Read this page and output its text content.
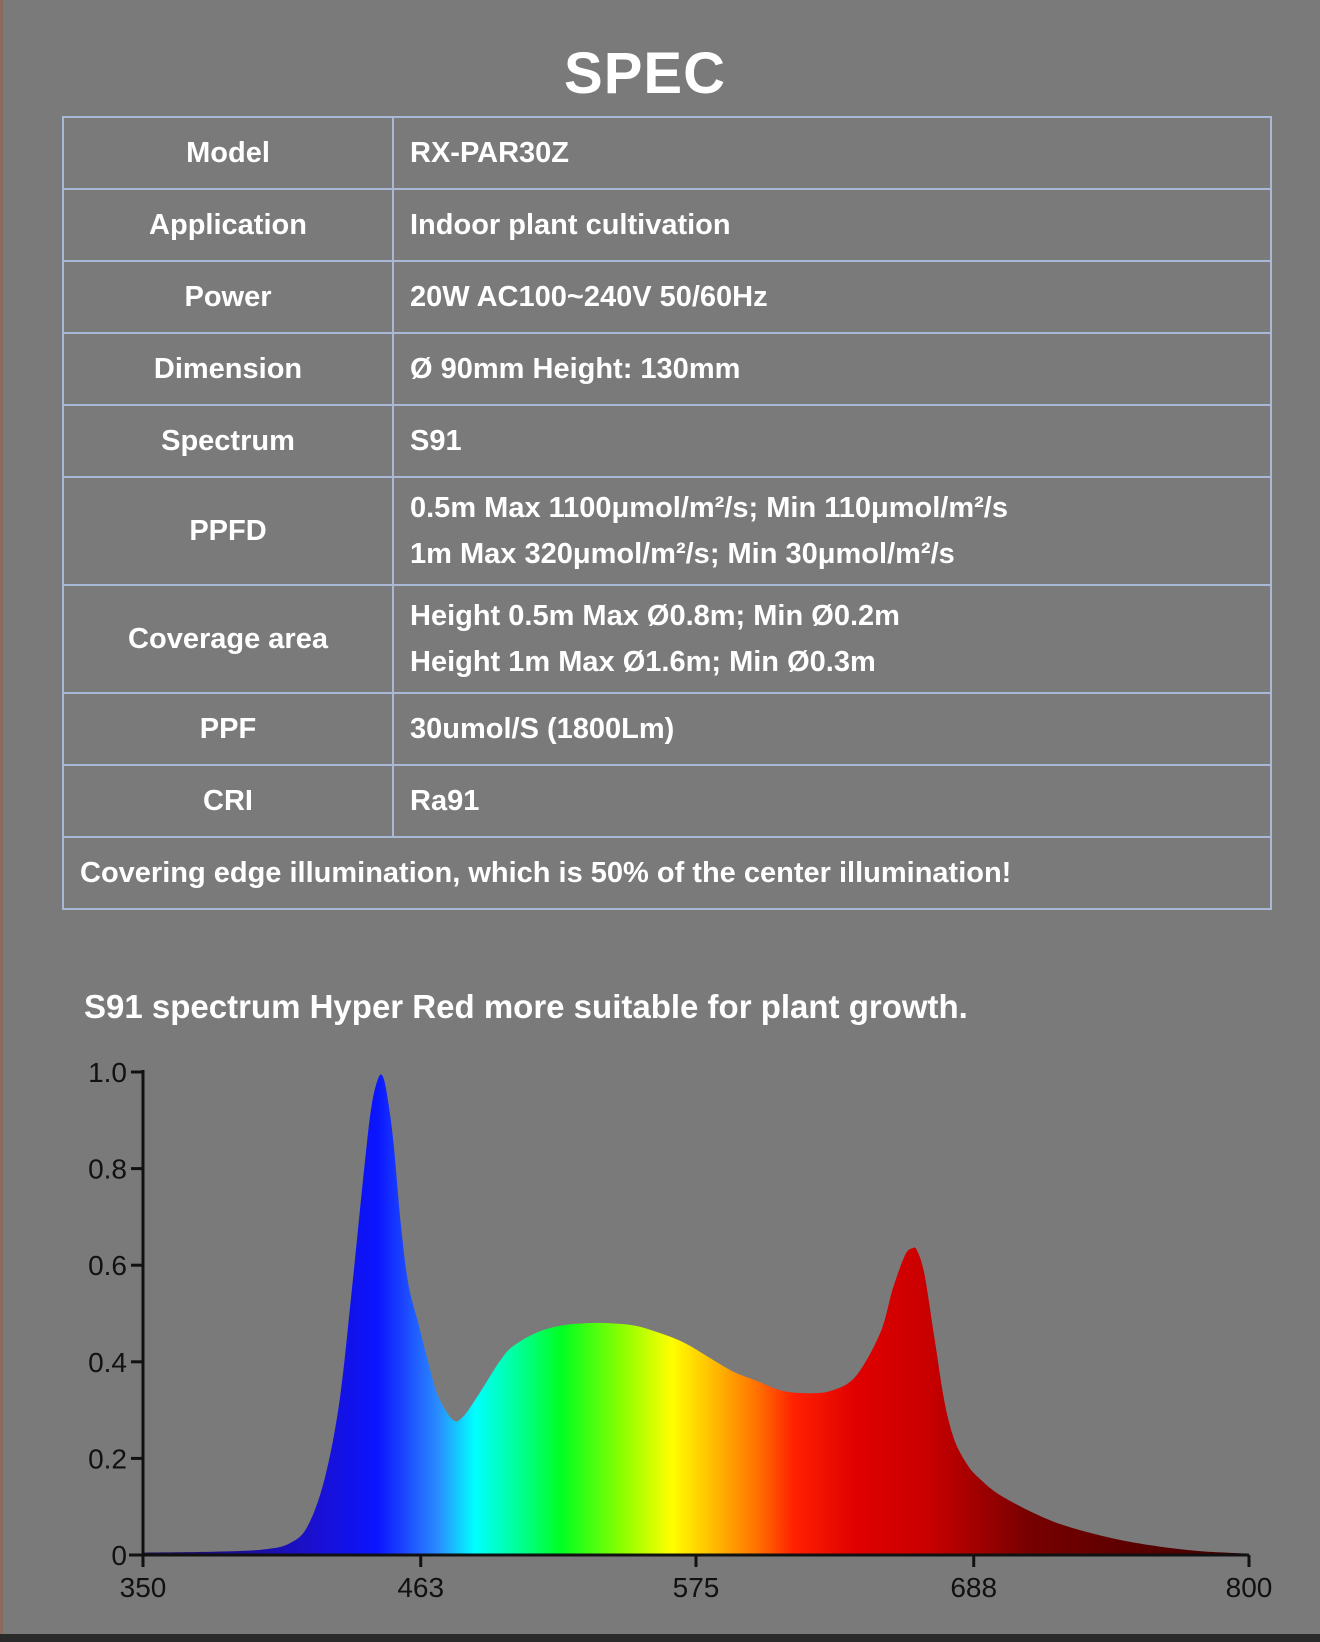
SPEC
Model	RX-PAR30Z

Application	Indoor plant cultivation

Power	20W AC100~240V 50/60Hz

Dimension	Ø 90mm Height: 130mm

Spectrum	S91

PPFD	0.5m Max 1100μmol/m²/s; Min 110μmol/m²/s
1m Max 320μmol/m²/s; Min 30μmol/m²/s

Coverage area	Height 0.5m Max Ø0.8m; Min Ø0.2m
Height 1m Max Ø1.6m; Min Ø0.3m

PPF	30umol/S (1800Lm)

CRI	Ra91

Covering edge illumination, which is 50% of the center illumination!	
S91 spectrum Hyper Red more suitable for plant growth.
0
0.2
0.4
0.6
0.8
1.0
350	463	575	688	800
